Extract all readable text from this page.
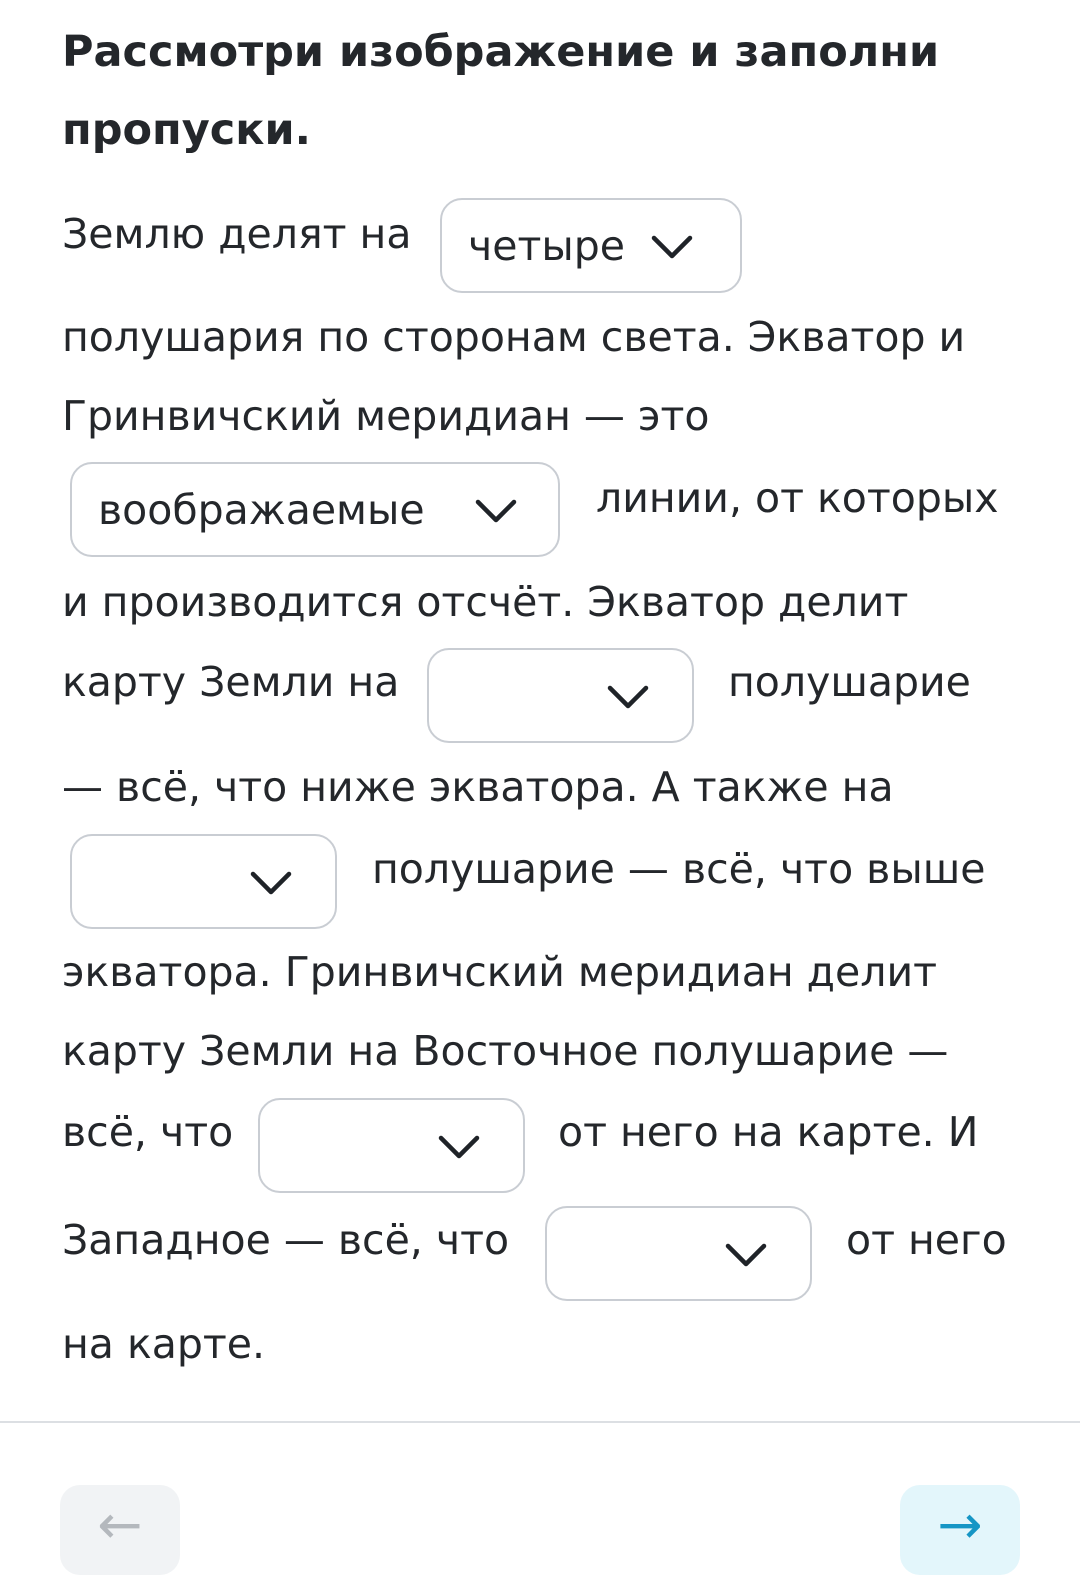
Рассмотри изображение и заполни
пропуски.
Землю делят на четыре
полушария по сторонам света. Экватор и
Гринвичский меридиан — это
воображаемые	линии, от которых
и производится отсчёт. Экватор делит
карту Земли на	полушарие
— всё, что ниже экватора. А также на
полушарие — всё, что выше
экватора. Гринвичский меридиан делит
карту Земли на Восточное полушарие —
всё, что	от него на карте. И
Западное — всё, что	от него
на карте.
←	→
